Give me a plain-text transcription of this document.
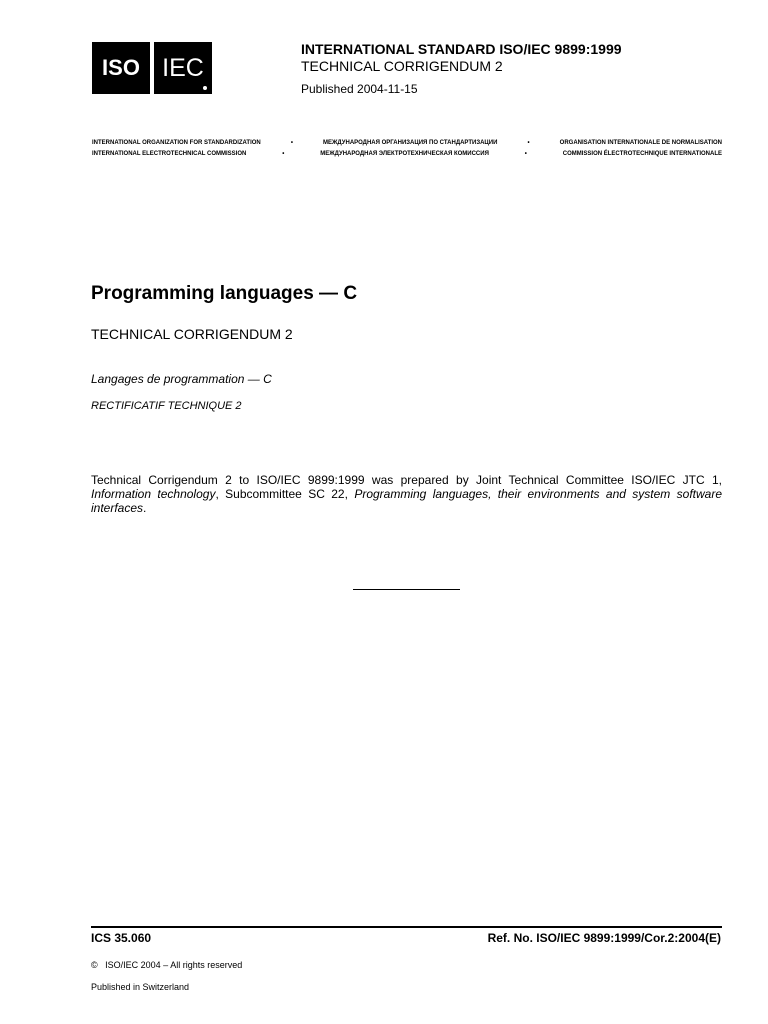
ISO IEC
INTERNATIONAL STANDARD ISO/IEC 9899:1999
TECHNICAL CORRIGENDUM 2
Published 2004-11-15
INTERNATIONAL ORGANIZATION FOR STANDARDIZATION	•	МЕЖДУНАРОДНАЯ ОРГАНИЗАЦИЯ ПО СТАНДАРТИЗАЦИИ	•	ORGANISATION INTERNATIONALE DE NORMALISATION
INTERNATIONAL ELECTROTECHNICAL COMMISSION	•	МЕЖДУНАРОДНАЯ ЭЛЕКТРОТЕХНИЧЕСКАЯ КОМИССИЯ	•	COMMISSION ÉLECTROTECHNIQUE INTERNATIONALE
Programming languages — C
TECHNICAL CORRIGENDUM 2
Langages de programmation — C
RECTIFICATIF TECHNIQUE 2
Technical Corrigendum 2 to ISO/IEC 9899:1999 was prepared by Joint Technical Committee ISO/IEC JTC 1, Information technology, Subcommittee SC 22, Programming languages, their environments and system software interfaces.
ICS 35.060	Ref. No. ISO/IEC 9899:1999/Cor.2:2004(E)
© ISO/IEC 2004 – All rights reserved
Published in Switzerland
